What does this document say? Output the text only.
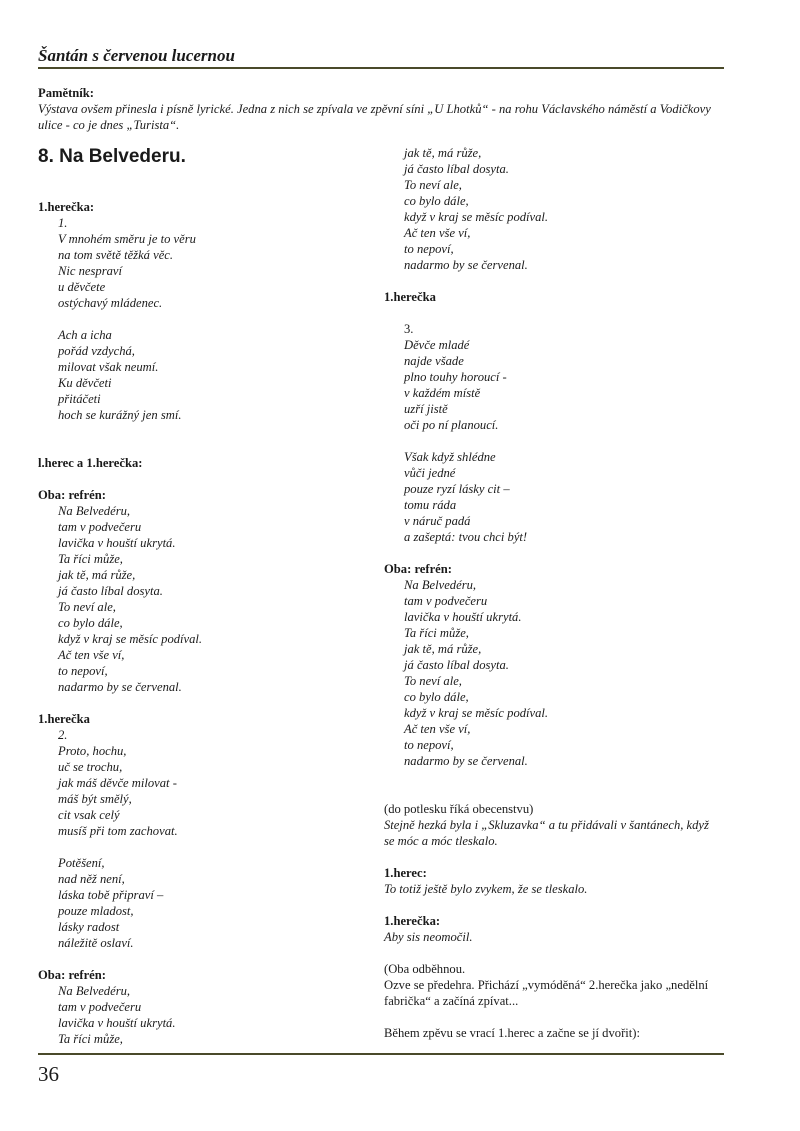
Šantán s červenou lucernou
Pamětník:
Výstava ovšem přinesla i písně lyrické. Jedna z nich se zpívala ve zpěvní síni „U Lhotků“ - na rohu Václavského náměstí a Vodičkovy
ulice - co je dnes „Turista“.
8. Na Belvederu.
1.herečka:
1.
V mnohém směru je to věru
na tom světě těžká věc.
Nic nespraví
u děvčete
ostýchavý mládenec.
Ach a icha
pořád vzdychá,
milovat však neumí.
Ku děvčeti
přitáčeti
hoch se kurážný jen smí.
l.herec a 1.herečka:
Oba: refrén:
Na Belvedéru,
tam v podvečeru
lavička v houští ukrytá.
Ta říci může,
jak tě, má růže,
já často líbal dosyta.
To neví ale,
co bylo dále,
když v kraj se měsíc podíval.
Ač ten vše ví,
to nepoví,
nadarmo by se červenal.
1.herečka
2.
Proto, hochu,
uč se trochu,
jak máš děvče milovat -
máš být smělý,
cit vsak celý
musíš při tom zachovat.
Potěšení,
nad něž není,
láska tobě připraví –
pouze mladost,
lásky radost
náležitě oslaví.
Oba: refrén:
Na Belvedéru,
tam v podvečeru
lavička v houští ukrytá.
Ta říci může,
jak tě, má růže,
já často líbal dosyta.
To neví ale,
co bylo dále,
když v kraj se měsíc podíval.
Ač ten vše ví,
to nepoví,
nadarmo by se červenal.
1.herečka
3.
Děvče mladé
najde všade
plno touhy horoucí -
v každém místě
uzří jistě
oči po ní planoucí.
Však když shlédne
vůči jedné
pouze ryzí lásky cit –
tomu ráda
v náruč padá
a zašeptá: tvou chci být!
Oba: refrén:
Na Belvedéru,
tam v podvečeru
lavička v houští ukrytá.
Ta říci může,
jak tě, má růže,
já často líbal dosyta.
To neví ale,
co bylo dále,
když v kraj se měsíc podíval.
Ač ten vše ví,
to nepoví,
nadarmo by se červenal.
(do potlesku říká obecenstvu)
Stejně hezká byla i „Skluzavka“ a tu přidávali v šantánech, když
se móc a móc tleskalo.
1.herec:
To totiž ještě bylo zvykem, že se tleskalo.
1.herečka:
Aby sis neomočil.
(Oba odběhnou.
Ozve se předehra. Přichází „vymóděná“ 2.herečka jako „nedělní
fabrička“ a začíná zpívat...
Během zpěvu se vrací 1.herec a začne se jí dvořit):
36
